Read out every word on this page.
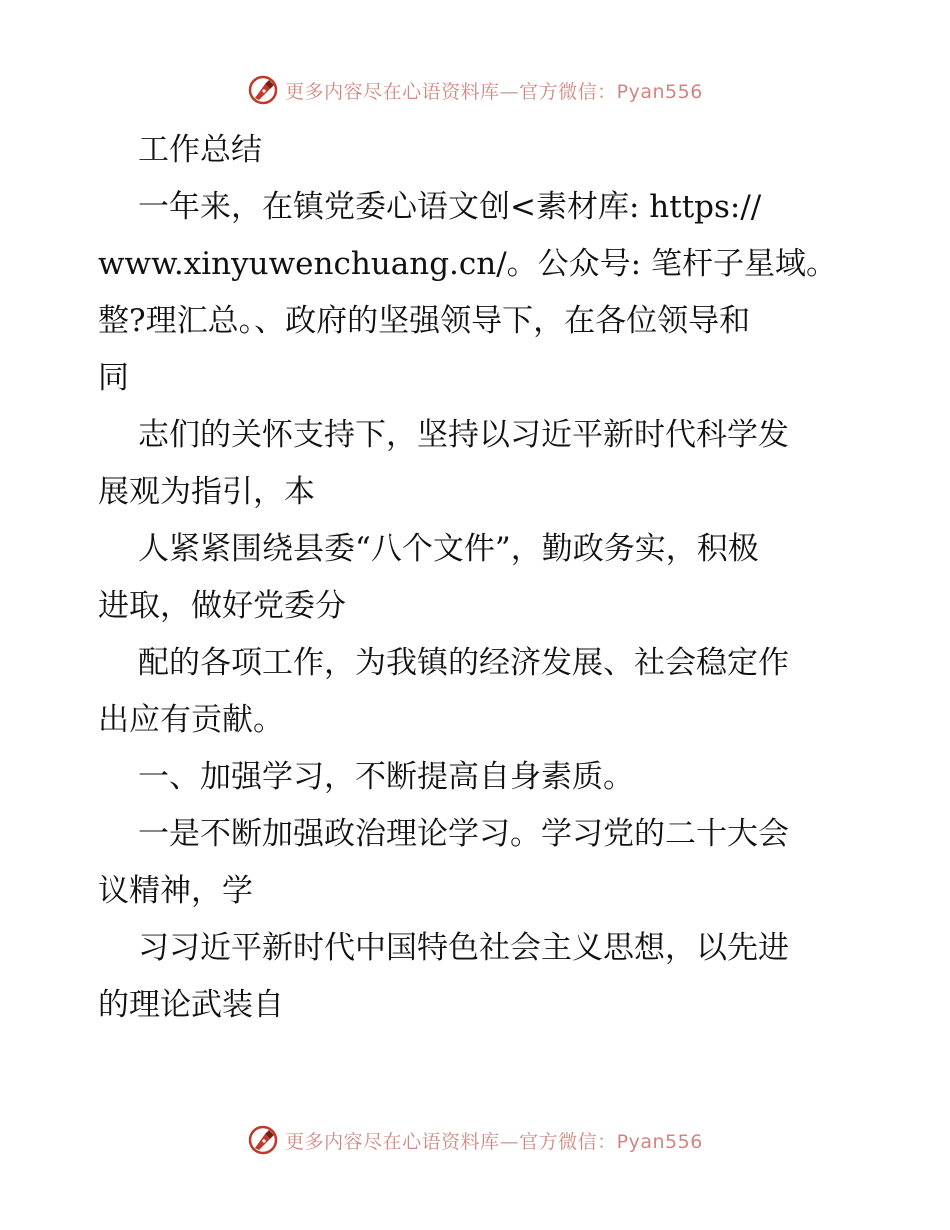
更多内容尽在心语资料库—官方微信：Pyan556

工作总结

一年来，在镇党委心语文创<素材库: https://

www.xinyuwenchuang.cn/。公众号: 笔杆子星域。

整?理汇总。、政府的坚强领导下，在各位领导和

同

志们的关怀支持下，坚持以习近平新时代科学发

展观为指引，本

人紧紧围绕县委“八个文件”，勤政务实，积极

进取，做好党委分

配的各项工作，为我镇的经济发展、社会稳定作

出应有贡献。

一、加强学习，不断提高自身素质。

一是不断加强政治理论学习。学习党的二十大会

议精神，学

习习近平新时代中国特色社会主义思想，以先进

的理论武装自

更多内容尽在心语资料库—官方微信：Pyan556
